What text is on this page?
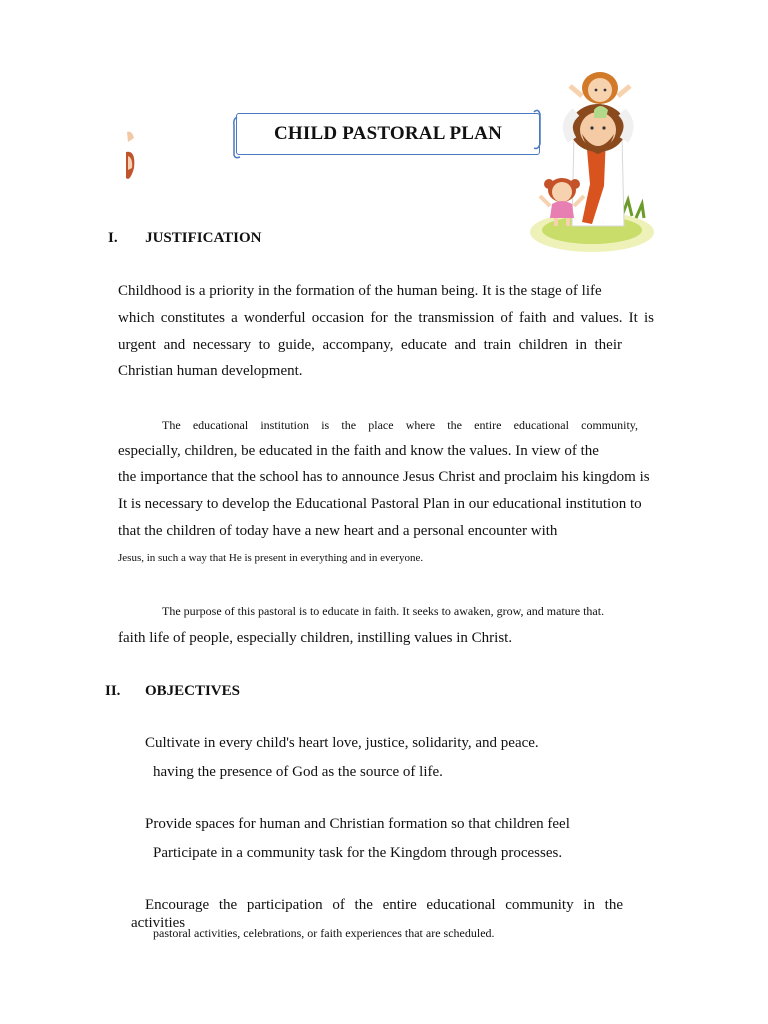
CHILD PASTORAL PLAN
I. JUSTIFICATION
Childhood is a priority in the formation of the human being. It is the stage of life
which constitutes a wonderful occasion for the transmission of faith and values. It is
urgent and necessary to guide, accompany, educate and train children in their
Christian human development.
The educational institution is the place where the entire educational community,
especially, children, be educated in the faith and know the values. In view of the
the importance that the school has to announce Jesus Christ and proclaim his kingdom is
It is necessary to develop the Educational Pastoral Plan in our educational institution to
that the children of today have a new heart and a personal encounter with
Jesus, in such a way that He is present in everything and in everyone.
The purpose of this pastoral is to educate in faith. It seeks to awaken, grow, and mature that.
faith life of people, especially children, instilling values in Christ.
II. OBJECTIVES
Cultivate in every child's heart love, justice, solidarity, and peace.
having the presence of God as the source of life.
Provide spaces for human and Christian formation so that children feel
Participate in a community task for the Kingdom through processes.
Encourage the participation of the entire educational community in the activities
pastoral activities, celebrations, or faith experiences that are scheduled.
